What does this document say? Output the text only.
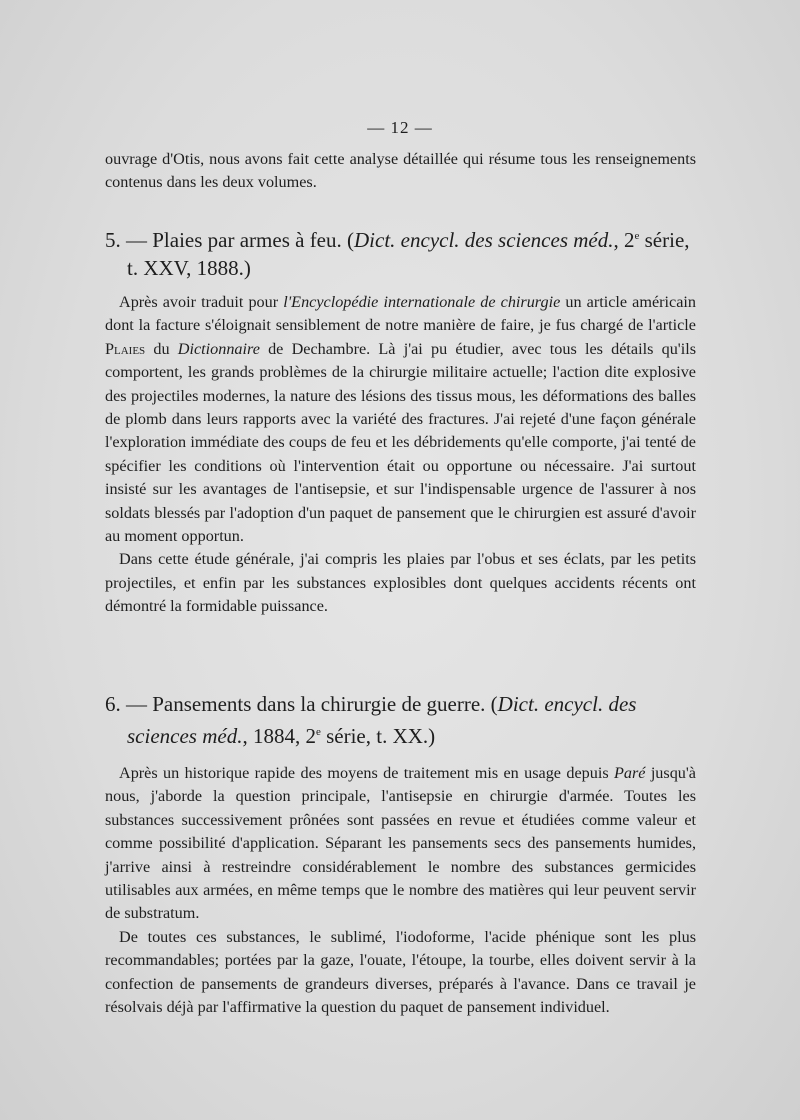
— 12 —

ouvrage d'Otis, nous avons fait cette analyse détaillée qui résume tous les renseignements contenus dans les deux volumes.

5. — Plaies par armes à feu. (Dict. encycl. des sciences méd., 2e série, t. XXV, 1888.)

Après avoir traduit pour l'Encyclopédie internationale de chirurgie un article américain dont la facture s'éloignait sensiblement de notre manière de faire, je fus chargé de l'article Plaies du Dictionnaire de Dechambre. Là j'ai pu étudier, avec tous les détails qu'ils comportent, les grands problèmes de la chirurgie militaire actuelle; l'action dite explosive des projectiles modernes, la nature des lésions des tissus mous, les déformations des balles de plomb dans leurs rapports avec la variété des fractures. J'ai rejeté d'une façon générale l'exploration immédiate des coups de feu et les débridements qu'elle comporte, j'ai tenté de spécifier les conditions où l'intervention était ou opportune ou nécessaire. J'ai surtout insisté sur les avantages de l'antisepsie, et sur l'indispensable urgence de l'assurer à nos soldats blessés par l'adoption d'un paquet de pansement que le chirurgien est assuré d'avoir au moment opportun.

Dans cette étude générale, j'ai compris les plaies par l'obus et ses éclats, par les petits projectiles, et enfin par les substances explosibles dont quelques accidents récents ont démontré la formidable puissance.

6. — Pansements dans la chirurgie de guerre. (Dict. encycl. des sciences méd., 1884, 2e série, t. XX.)

Après un historique rapide des moyens de traitement mis en usage depuis Paré jusqu'à nous, j'aborde la question principale, l'antisepsie en chirurgie d'armée. Toutes les substances successivement prônées sont passées en revue et étudiées comme valeur et comme possibilité d'application. Séparant les pansements secs des pansements humides, j'arrive ainsi à restreindre considérablement le nombre des substances germicides utilisables aux armées, en même temps que le nombre des matières qui leur peuvent servir de substratum.

De toutes ces substances, le sublimé, l'iodoforme, l'acide phénique sont les plus recommandables; portées par la gaze, l'ouate, l'étoupe, la tourbe, elles doivent servir à la confection de pansements de grandeurs diverses, préparés à l'avance. Dans ce travail je résolvais déjà par l'affirmative la question du paquet de pansement individuel.
